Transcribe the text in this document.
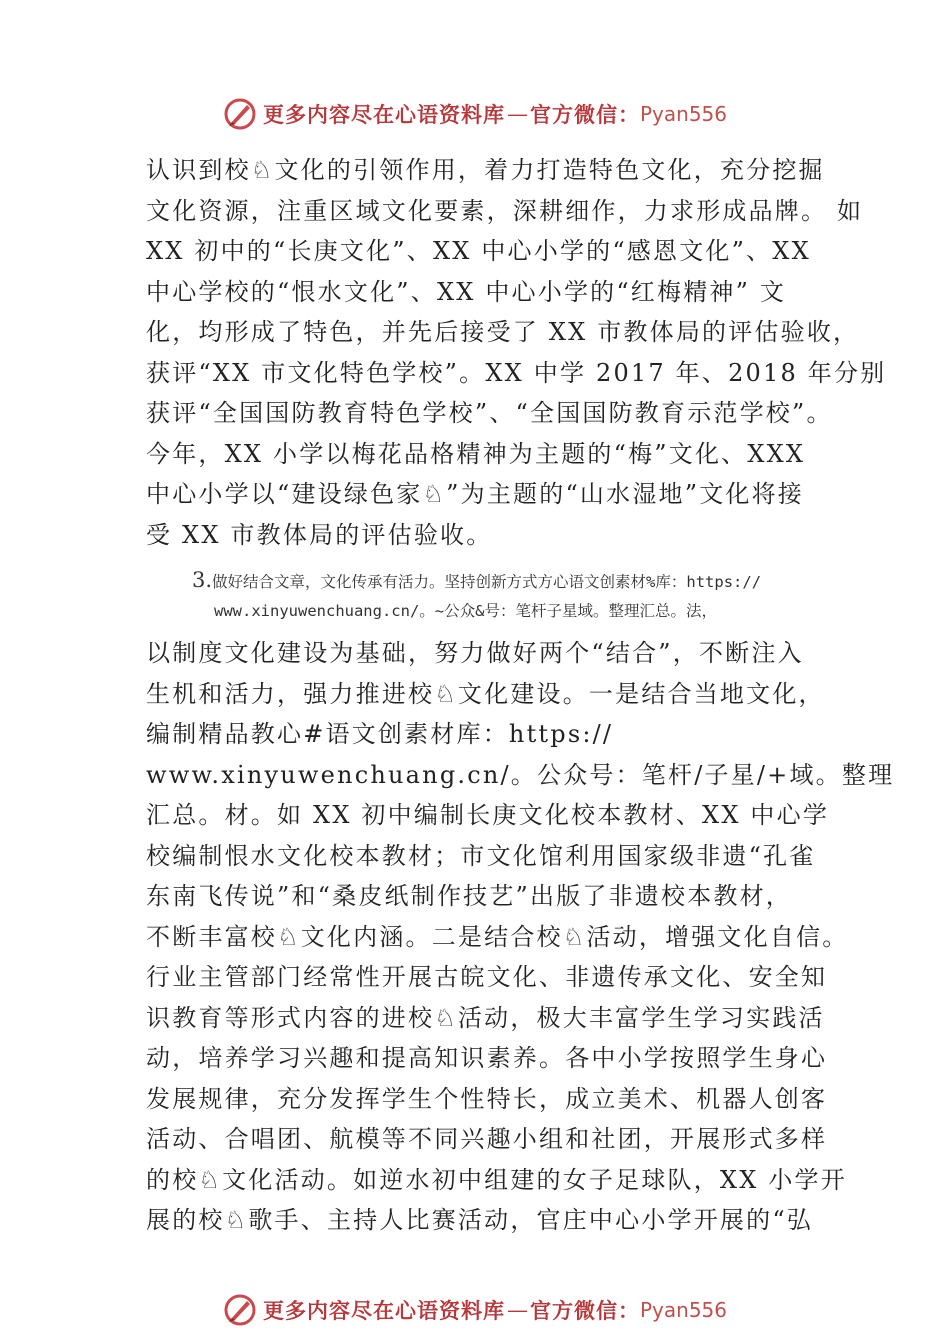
更多内容尽在心语资料库 — 官方微信： Pyan556
认识到校♘文化的引领作用，着力打造特色文化，充分挖掘
文化资源，注重区域文化要素，深耕细作，力求形成品牌。 如
XX 初中的“长庚文化”、XX 中心小学的“感恩文化”、XX
中心学校的“恨水文化”、XX 中心小学的“红梅精神” 文
化，均形成了特色，并先后接受了 XX 市教体局的评估验收，
获评“XX 市文化特色学校”。XX 中学 2017 年、2018 年分别
获评“全国国防教育特色学校”、“全国国防教育示范学校”。
今年，XX 小学以梅花品格精神为主题的“梅”文化、XXX
中心小学以“建设绿色家♘”为主题的“山水湿地”文化将接
受 XX 市教体局的评估验收。
3.做好结合文章，文化传承有活力。坚持创新方式方心语文创素材%库：https://
www.xinyuwenchuang.cn/。~公众&号：笔杆子星域。整理汇总。法，
以制度文化建设为基础，努力做好两个“结合”，不断注入
生机和活力，强力推进校♘文化建设。一是结合当地文化，
编制精品教心#语文创素材库：https://
www.xinyuwenchuang.cn/。公众号：笔杆/子星/+域。整理
汇总。材。如 XX 初中编制长庚文化校本教材、XX 中心学
校编制恨水文化校本教材；市文化馆利用国家级非遗“孔雀
东南飞传说”和“桑皮纸制作技艺”出版了非遗校本教材，
不断丰富校♘文化内涵。二是结合校♘活动，增强文化自信。
行业主管部门经常性开展古皖文化、非遗传承文化、安全知
识教育等形式内容的进校♘活动，极大丰富学生学习实践活
动，培养学习兴趣和提高知识素养。各中小学按照学生身心
发展规律，充分发挥学生个性特长，成立美术、机器人创客
活动、合唱团、航模等不同兴趣小组和社团，开展形式多样
的校♘文化活动。如逆水初中组建的女子足球队，XX 小学开
展的校♘歌手、主持人比赛活动，官庄中心小学开展的“弘
更多内容尽在心语资料库 — 官方微信： Pyan556
